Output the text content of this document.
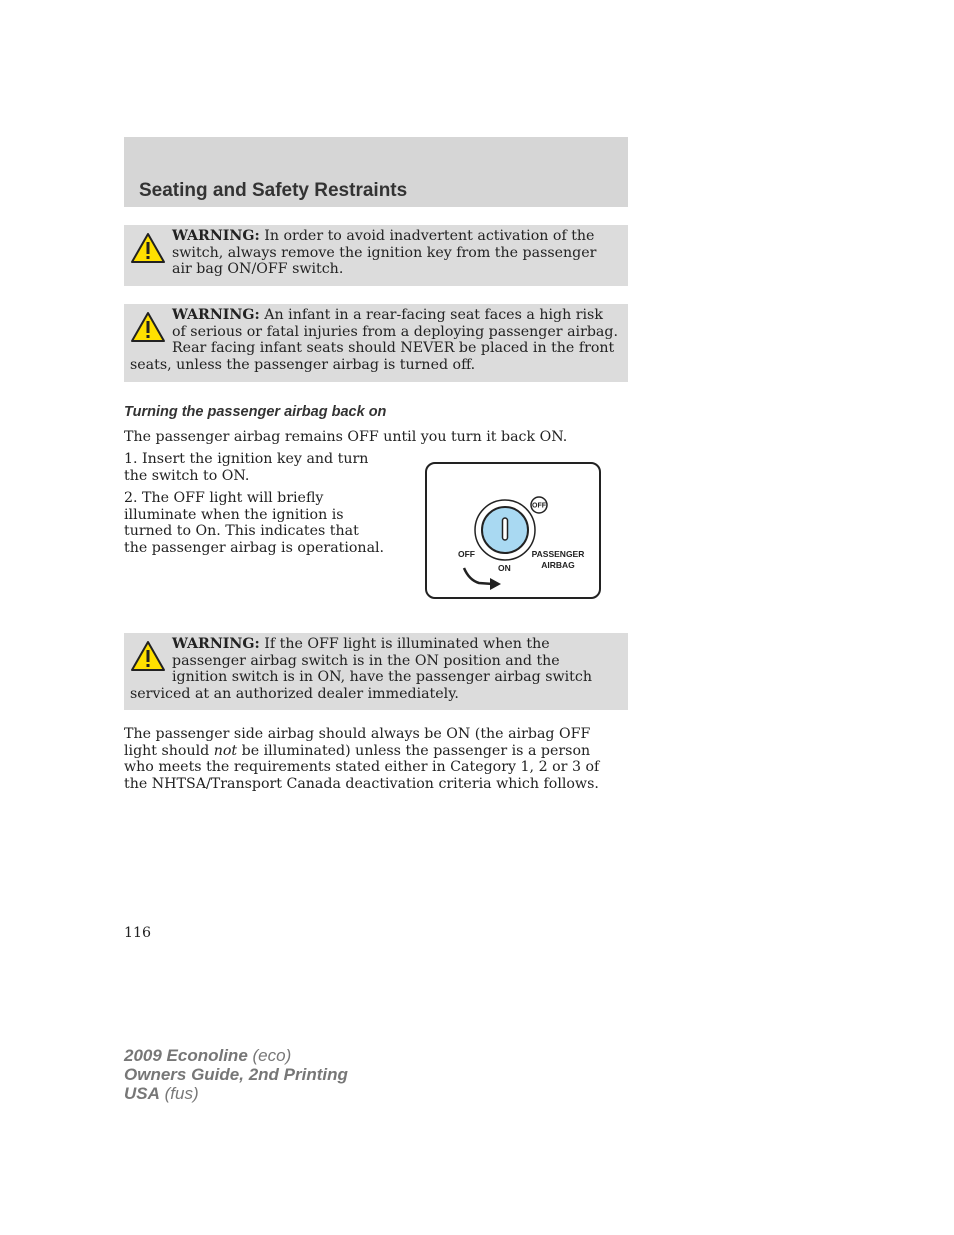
Seating and Safety Restraints
WARNING: In order to avoid inadvertent activation of the switch, always remove the ignition key from the passenger air bag ON/OFF switch.
WARNING: An infant in a rear-facing seat faces a high risk of serious or fatal injuries from a deploying passenger airbag. Rear facing infant seats should NEVER be placed in the front seats, unless the passenger airbag is turned off.
Turning the passenger airbag back on

The passenger airbag remains OFF until you turn it back ON.

1. Insert the ignition key and turn the switch to ON.

2. The OFF light will briefly illuminate when the ignition is turned to On. This indicates that the passenger airbag is operational.

OFF
OFF
ON
PASSENGER
AIRBAG
WARNING: If the OFF light is illuminated when the passenger airbag switch is in the ON position and the ignition switch is in ON, have the passenger airbag switch serviced at an authorized dealer immediately.

The passenger side airbag should always be ON (the airbag OFF light should not be illuminated) unless the passenger is a person who meets the requirements stated either in Category 1, 2 or 3 of the NHTSA/Transport Canada deactivation criteria which follows.

116

2009 Econoline (eco)
Owners Guide, 2nd Printing
USA (fus)
